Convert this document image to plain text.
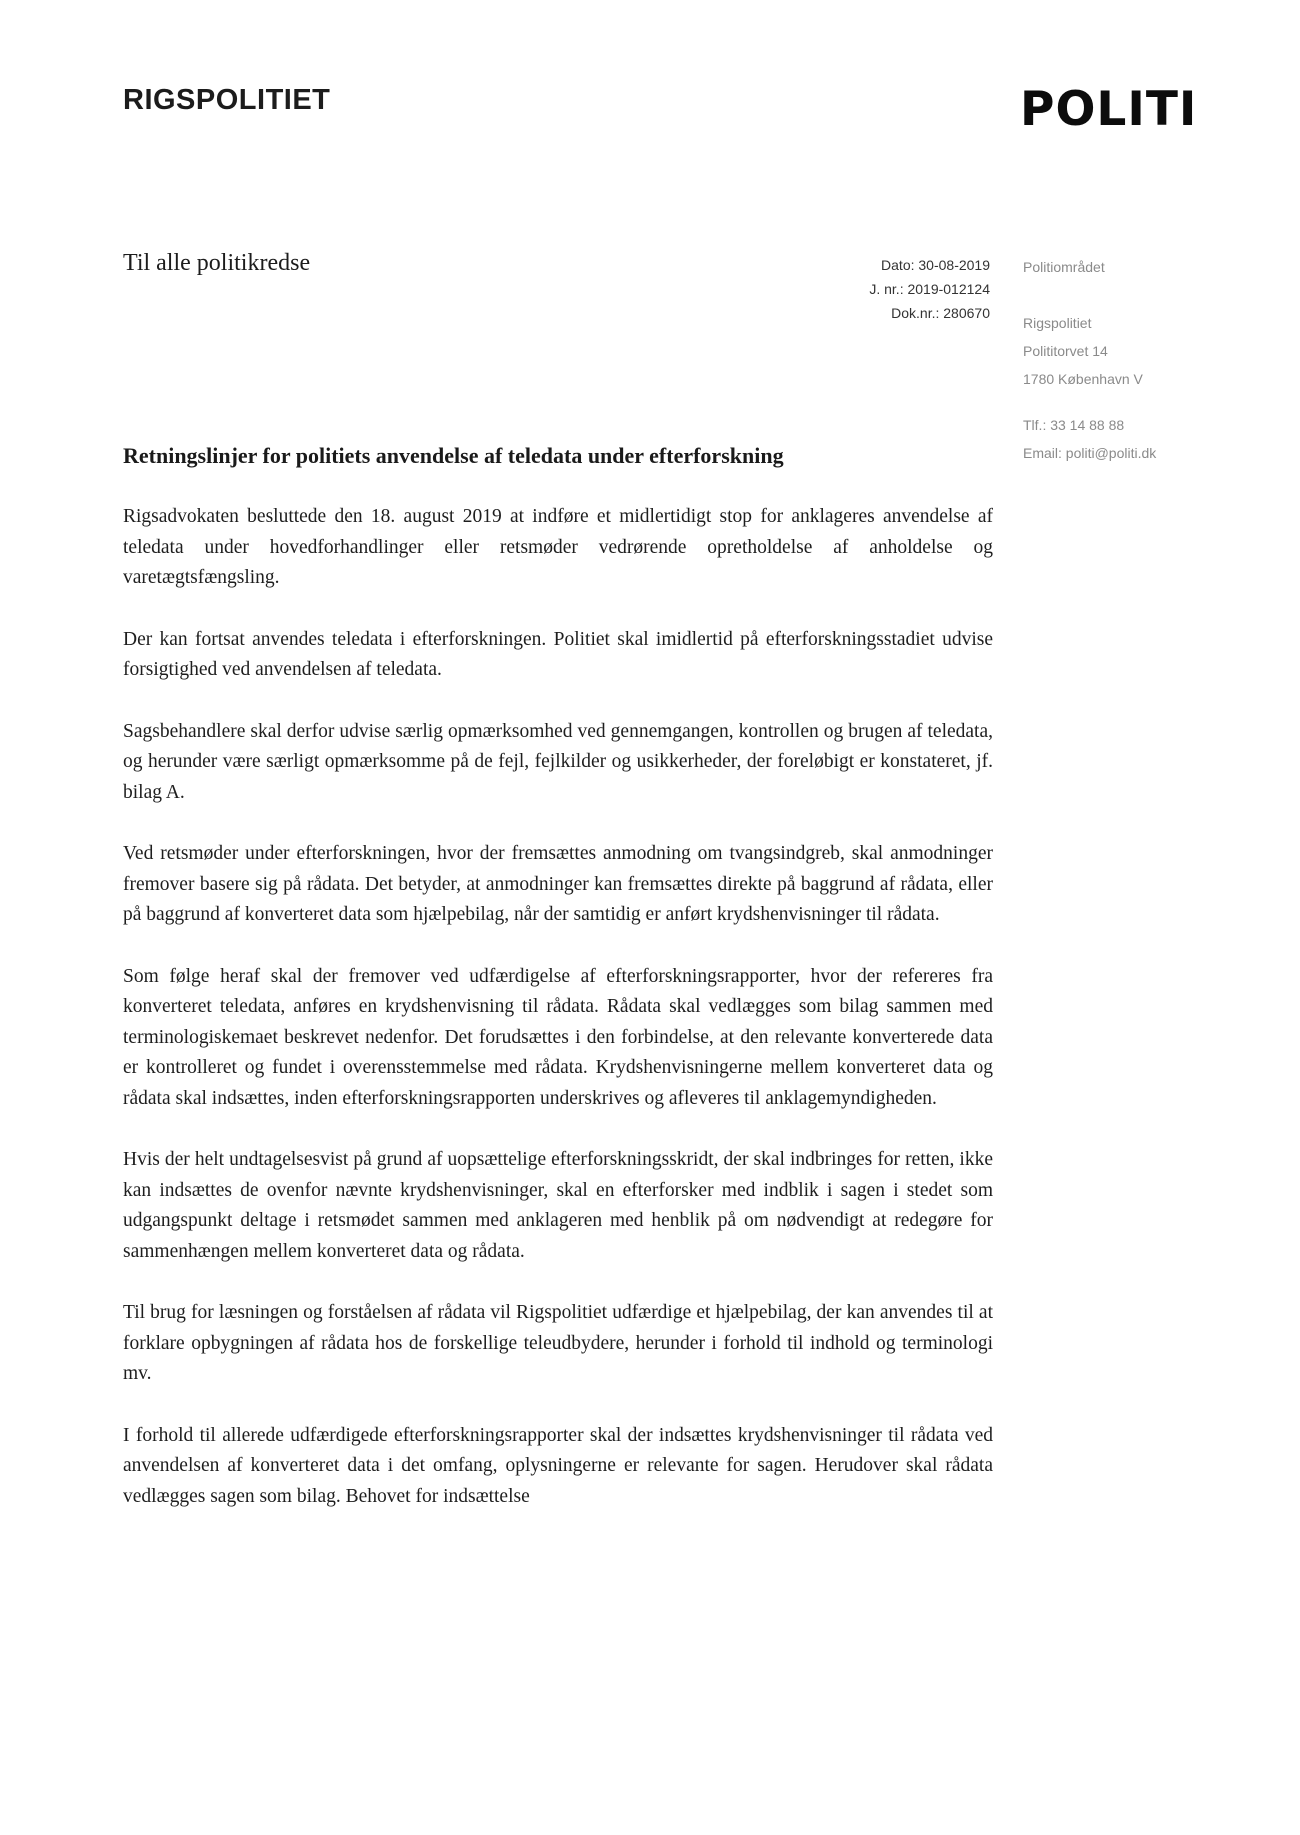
RIGSPOLITIET	POLITI
Til alle politikredse	Dato: 30-08-2019
J. nr.: 2019-012124
Dok.nr.: 280670
Politiområdet
Rigspolitiet
Polititorvet 14
1780 København V
Tlf.: 33 14 88 88
Email: politi@politi.dk
Retningslinjer for politiets anvendelse af teledata under efterforskning

Rigsadvokaten besluttede den 18. august 2019 at indføre et midlertidigt stop for anklageres anvendelse af teledata under hovedforhandlinger eller retsmøder vedrørende opretholdelse af anholdelse og varetægtsfængsling.

Der kan fortsat anvendes teledata i efterforskningen. Politiet skal imidlertid på efterforskningsstadiet udvise forsigtighed ved anvendelsen af teledata.

Sagsbehandlere skal derfor udvise særlig opmærksomhed ved gennemgangen, kontrollen og brugen af teledata, og herunder være særligt opmærksomme på de fejl, fejlkilder og usikkerheder, der foreløbigt er konstateret, jf. bilag A.

Ved retsmøder under efterforskningen, hvor der fremsættes anmodning om tvangsindgreb, skal anmodninger fremover basere sig på rådata. Det betyder, at anmodninger kan fremsættes direkte på baggrund af rådata, eller på baggrund af konverteret data som hjælpebilag, når der samtidig er anført krydshenvisninger til rådata.

Som følge heraf skal der fremover ved udfærdigelse af efterforskningsrapporter, hvor der refereres fra konverteret teledata, anføres en krydshenvisning til rådata. Rådata skal vedlægges som bilag sammen med terminologiskemaet beskrevet nedenfor. Det forudsættes i den forbindelse, at den relevante konverterede data er kontrolleret og fundet i overensstemmelse med rådata. Krydshenvisningerne mellem konverteret data og rådata skal indsættes, inden efterforskningsrapporten underskrives og afleveres til anklagemyndigheden.

Hvis der helt undtagelsesvist på grund af uopsættelige efterforskningsskridt, der skal indbringes for retten, ikke kan indsættes de ovenfor nævnte krydshenvisninger, skal en efterforsker med indblik i sagen i stedet som udgangspunkt deltage i retsmødet sammen med anklageren med henblik på om nødvendigt at redegøre for sammenhængen mellem konverteret data og rådata.

Til brug for læsningen og forståelsen af rådata vil Rigspolitiet udfærdige et hjælpebilag, der kan anvendes til at forklare opbygningen af rådata hos de forskellige teleudbydere, herunder i forhold til indhold og terminologi mv.

I forhold til allerede udfærdigede efterforskningsrapporter skal der indsættes krydshenvisninger til rådata ved anvendelsen af konverteret data i det omfang, oplysningerne er relevante for sagen. Herudover skal rådata vedlægges sagen som bilag. Behovet for indsættelse
